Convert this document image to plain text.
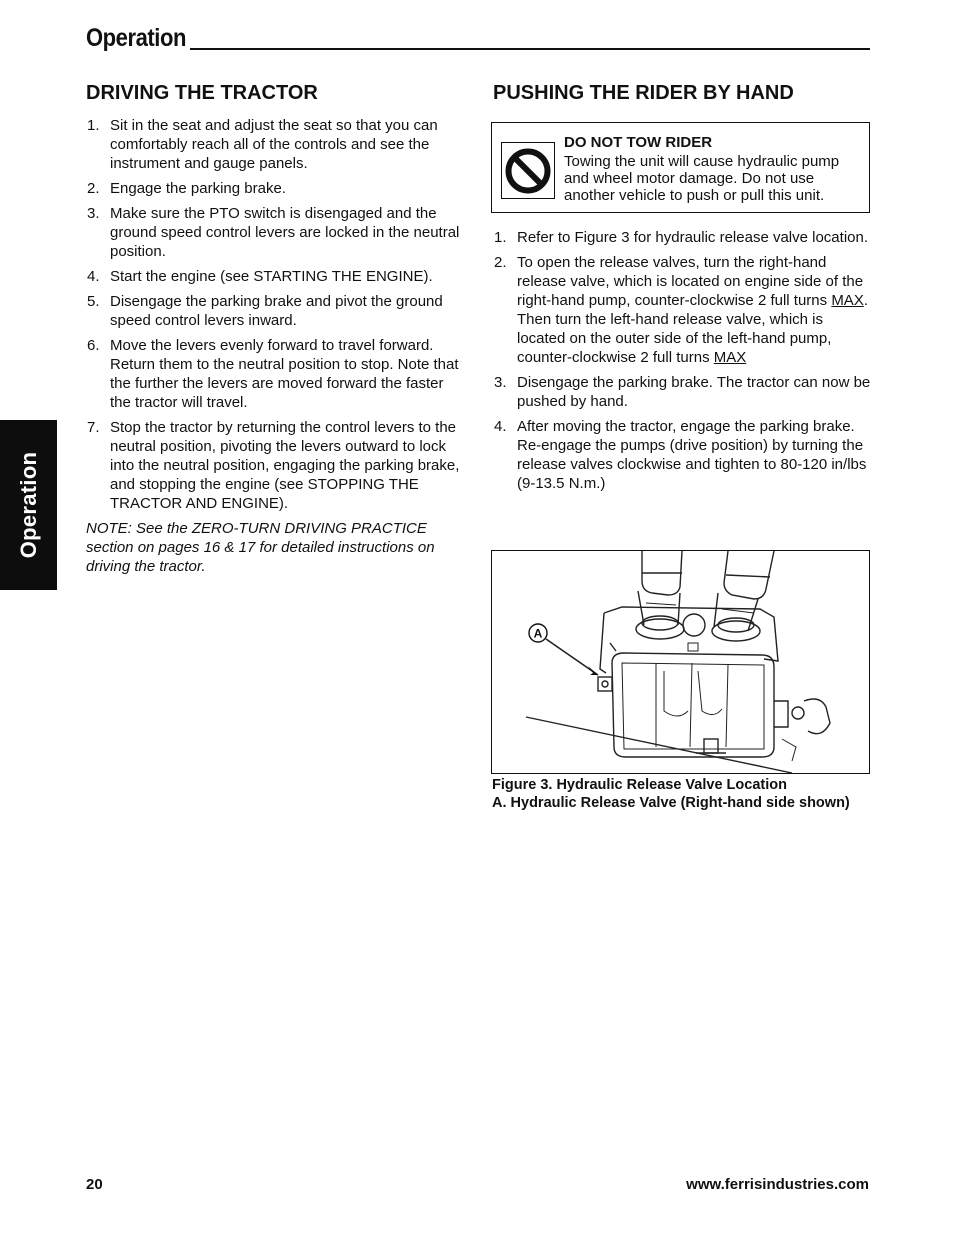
Operation
Operation
DRIVING THE TRACTOR
1. Sit in the seat and adjust the seat so that you can comfortably reach all of the controls and see the instrument and gauge panels.
2. Engage the parking brake.
3. Make sure the PTO switch is disengaged and the ground speed control levers are locked in the neutral position.
4. Start the engine (see STARTING THE ENGINE).
5. Disengage the parking brake and pivot the ground speed control levers inward.
6. Move the levers evenly forward to travel forward. Return them to the neutral position to stop. Note that the further the levers are moved forward the faster the tractor will travel.
7. Stop the tractor by returning the control levers to the neutral position, pivoting the levers outward to lock into the neutral position, engaging the parking brake, and stopping the engine (see STOPPING THE TRACTOR AND ENGINE).
NOTE: See the ZERO-TURN DRIVING PRACTICE section on pages 16 & 17 for detailed instructions on driving the tractor.
PUSHING THE RIDER BY HAND
DO NOT TOW RIDER
Towing the unit will cause hydraulic pump and wheel motor damage. Do not use another vehicle to push or pull this unit.
1. Refer to Figure 3 for hydraulic release valve location.
2. To open the release valves, turn the right-hand release valve, which is located on engine side of the right-hand pump, counter-clockwise 2 full turns MAX. Then turn the left-hand release valve, which is located on the outer side of the left-hand pump, counter-clockwise 2 full turns MAX
3. Disengage the parking brake. The tractor can now be pushed by hand.
4. After moving the tractor, engage the parking brake. Re-engage the pumps (drive position) by turning the release valves clockwise and tighten to 80-120 in/lbs (9-13.5 N.m.)
A
Figure 3. Hydraulic Release Valve Location
A. Hydraulic Release Valve (Right-hand side shown)
20	www.ferrisindustries.com
